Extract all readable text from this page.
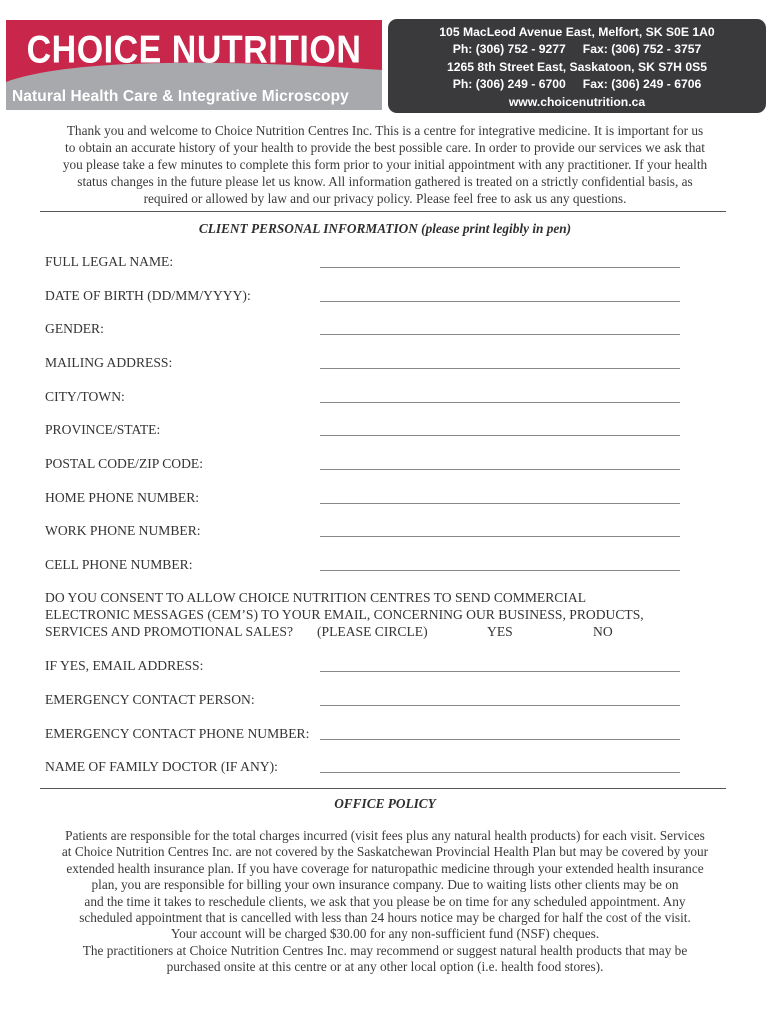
CHOICE NUTRITION
Natural Health Care & Integrative Microscopy
105 MacLeod Avenue East, Melfort, SK S0E 1A0
Ph: (306) 752 - 9277     Fax: (306) 752 - 3757
1265 8th Street East, Saskatoon, SK S7H 0S5
Ph: (306) 249 - 6700     Fax: (306) 249 - 6706
www.choicenutrition.ca
Thank you and welcome to Choice Nutrition Centres Inc. This is a centre for integrative medicine. It is important for us
to obtain an accurate history of your health to provide the best possible care. In order to provide our services we ask that
you please take a few minutes to complete this form prior to your initial appointment with any practitioner. If your health
status changes in the future please let us know. All information gathered is treated on a strictly confidential basis, as
required or allowed by law and our privacy policy. Please feel free to ask us any questions.
CLIENT PERSONAL INFORMATION (please print legibly in pen)
FULL LEGAL NAME:
DATE OF BIRTH (DD/MM/YYYY):
GENDER:
MAILING ADDRESS:
CITY/TOWN:
PROVINCE/STATE:
POSTAL CODE/ZIP CODE:
HOME PHONE NUMBER:
WORK PHONE NUMBER:
CELL PHONE NUMBER:
DO YOU CONSENT TO ALLOW CHOICE NUTRITION CENTRES TO SEND COMMERCIAL
ELECTRONIC MESSAGES (CEM’S) TO YOUR EMAIL, CONCERNING OUR BUSINESS, PRODUCTS,
SERVICES AND PROMOTIONAL SALES? (PLEASE CIRCLE)	YES	NO
IF YES, EMAIL ADDRESS:
EMERGENCY CONTACT PERSON:
EMERGENCY CONTACT PHONE NUMBER:
NAME OF FAMILY DOCTOR (IF ANY):
OFFICE POLICY
Patients are responsible for the total charges incurred (visit fees plus any natural health products) for each visit. Services
at Choice Nutrition Centres Inc. are not covered by the Saskatchewan Provincial Health Plan but may be covered by your
extended health insurance plan. If you have coverage for naturopathic medicine through your extended health insurance
plan, you are responsible for billing your own insurance company. Due to waiting lists other clients may be on
and the time it takes to reschedule clients, we ask that you please be on time for any scheduled appointment. Any
scheduled appointment that is cancelled with less than 24 hours notice may be charged for half the cost of the visit.
Your account will be charged $30.00 for any non-sufficient fund (NSF) cheques.
The practitioners at Choice Nutrition Centres Inc. may recommend or suggest natural health products that may be
purchased onsite at this centre or at any other local option (i.e. health food stores).
